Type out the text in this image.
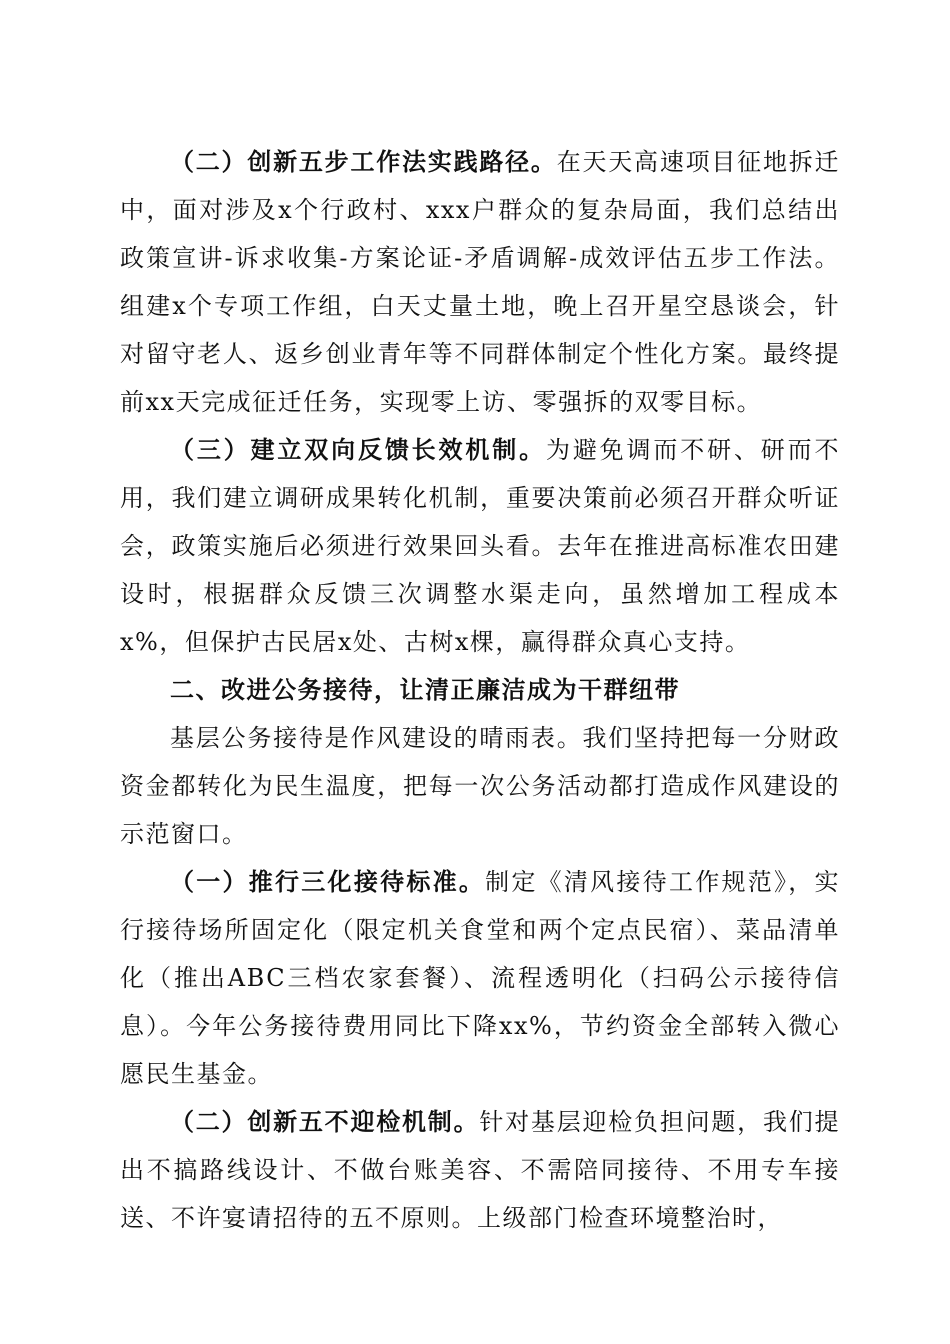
（二）创新五步工作法实践路径。在天天高速项目征地拆迁中，面对涉及x个行政村、xxx户群众的复杂局面，我们总结出政策宣讲-诉求收集-方案论证-矛盾调解-成效评估五步工作法。组建x个专项工作组，白天丈量土地，晚上召开星空恳谈会，针对留守老人、返乡创业青年等不同群体制定个性化方案。最终提前xx天完成征迁任务，实现零上访、零强拆的双零目标。

（三）建立双向反馈长效机制。为避免调而不研、研而不用，我们建立调研成果转化机制，重要决策前必须召开群众听证会，政策实施后必须进行效果回头看。去年在推进高标准农田建设时，根据群众反馈三次调整水渠走向，虽然增加工程成本x%，但保护古民居x处、古树x棵，赢得群众真心支持。

二、改进公务接待，让清正廉洁成为干群纽带

基层公务接待是作风建设的晴雨表。我们坚持把每一分财政资金都转化为民生温度，把每一次公务活动都打造成作风建设的示范窗口。

（一）推行三化接待标准。制定《清风接待工作规范》，实行接待场所固定化（限定机关食堂和两个定点民宿）、菜品清单化（推出ABC三档农家套餐）、流程透明化（扫码公示接待信息）。今年公务接待费用同比下降xx%，节约资金全部转入微心愿民生基金。

（二）创新五不迎检机制。针对基层迎检负担问题，我们提出不搞路线设计、不做台账美容、不需陪同接待、不用专车接送、不许宴请招待的五不原则。上级部门检查环境整治时，
